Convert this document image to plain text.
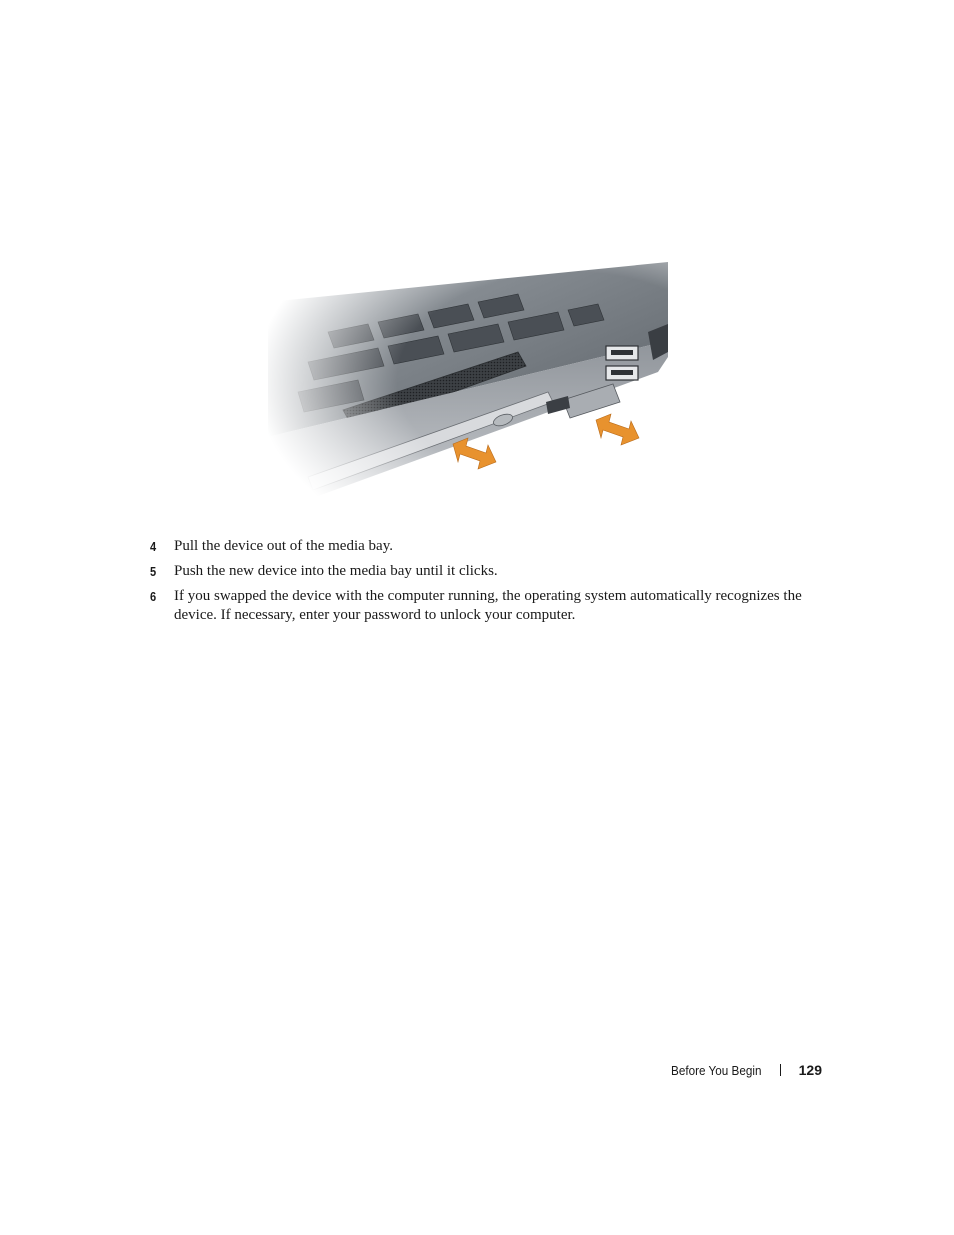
4 Pull the device out of the media bay.
5 Push the new device into the media bay until it clicks.
6 If you swapped the device with the computer running, the operating system automatically recognizes the device. If necessary, enter your password to unlock your computer.
Before You Begin	129
